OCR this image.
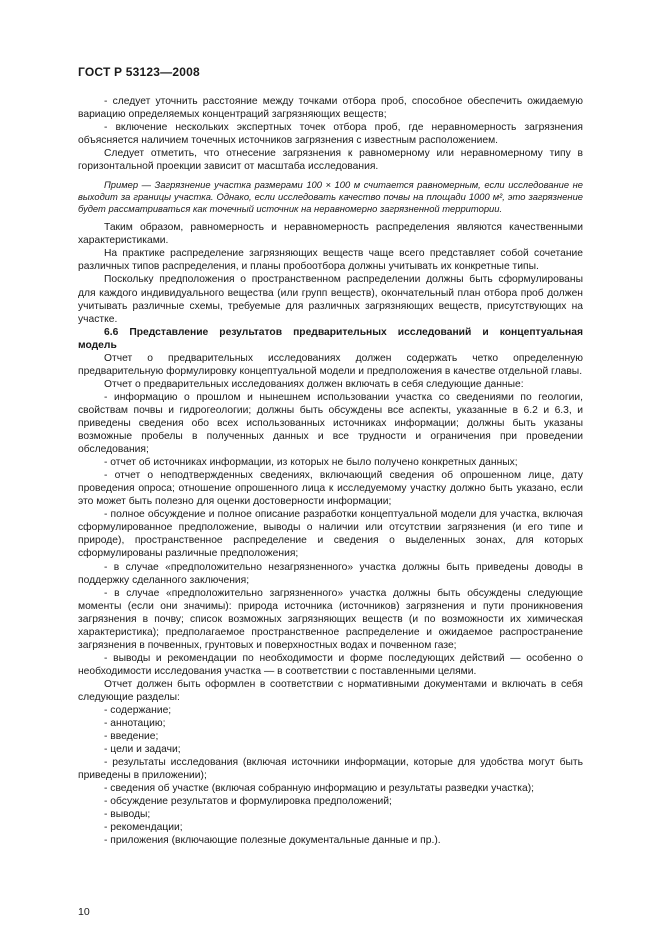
ГОСТ Р 53123—2008

- следует уточнить расстояние между точками отбора проб, способное обеспечить ожидаемую вариацию определяемых концентраций загрязняющих веществ;

- включение нескольких экспертных точек отбора проб, где неравномерность загрязнения объясняется наличием точечных источников загрязнения с известным расположением.

Следует отметить, что отнесение загрязнения к равномерному или неравномерному типу в горизонтальной проекции зависит от масштаба исследования.

Пример — Загрязнение участка размерами 100 × 100 м считается равномерным, если исследование не выходит за границы участка. Однако, если исследовать качество почвы на площади 1000 м², это загрязнение будет рассматриваться как точечный источник на неравномерно загрязненной территории.

Таким образом, равномерность и неравномерность распределения являются качественными характеристиками.

На практике распределение загрязняющих веществ чаще всего представляет собой сочетание различных типов распределения, и планы пробоотбора должны учитывать их конкретные типы.

Поскольку предположения о пространственном распределении должны быть сформулированы для каждого индивидуального вещества (или групп веществ), окончательный план отбора проб должен учитывать различные схемы, требуемые для различных загрязняющих веществ, присутствующих на участке.

6.6 Представление результатов предварительных исследований и концептуальная

модель

Отчет о предварительных исследованиях должен содержать четко определенную предварительную формулировку концептуальной модели и предположения в качестве отдельной главы.

Отчет о предварительных исследованиях должен включать в себя следующие данные:

- информацию о прошлом и нынешнем использовании участка со сведениями по геологии, свойствам почвы и гидрогеологии; должны быть обсуждены все аспекты, указанные в 6.2 и 6.3, и приведены сведения обо всех использованных источниках информации; должны быть указаны возможные пробелы в полученных данных и все трудности и ограничения при проведении обследования;

- отчет об источниках информации, из которых не было получено конкретных данных;

- отчет о неподтвержденных сведениях, включающий сведения об опрошенном лице, дату проведения опроса; отношение опрошенного лица к исследуемому участку должно быть указано, если это может быть полезно для оценки достоверности информации;

- полное обсуждение и полное описание разработки концептуальной модели для участка, включая сформулированное предположение, выводы о наличии или отсутствии загрязнения (и его типе и природе), пространственное распределение и сведения о выделенных зонах, для которых сформулированы различные предположения;

- в случае «предположительно незагрязненного» участка должны быть приведены доводы в поддержку сделанного заключения;

- в случае «предположительно загрязненного» участка должны быть обсуждены следующие моменты (если они значимы): природа источника (источников) загрязнения и пути проникновения загрязнения в почву; список возможных загрязняющих веществ (и по возможности их химическая характеристика); предполагаемое пространственное распределение и ожидаемое распространение загрязнения в почвенных, грунтовых и поверхностных водах и почвенном газе;

- выводы и рекомендации по необходимости и форме последующих действий — особенно о необходимости исследования участка — в соответствии с поставленными целями.

Отчет должен быть оформлен в соответствии с нормативными документами и включать в себя следующие разделы:

- содержание;

- аннотацию;

- введение;

- цели и задачи;

- результаты исследования (включая источники информации, которые для удобства могут быть приведены в приложении);

- сведения об участке (включая собранную информацию и результаты разведки участка);

- обсуждение результатов и формулировка предположений;

- выводы;

- рекомендации;

- приложения (включающие полезные документальные данные и пр.).

10
